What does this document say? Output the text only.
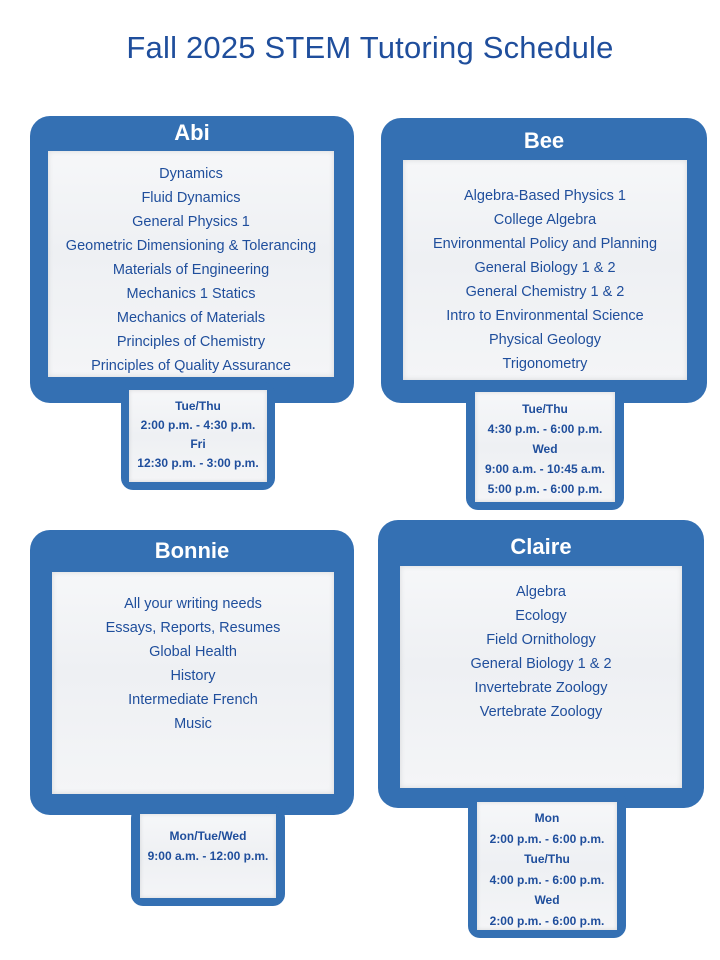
Fall 2025 STEM Tutoring Schedule
Abi
Dynamics
Fluid Dynamics
General Physics 1
Geometric Dimensioning & Tolerancing
Materials of Engineering
Mechanics 1 Statics
Mechanics of Materials
Principles of Chemistry
Principles of Quality Assurance
Tue/Thu
2:00 p.m. - 4:30 p.m.
Fri
12:30 p.m. - 3:00 p.m.
Bee
Algebra-Based Physics 1
College Algebra
Environmental Policy and Planning
General Biology 1 & 2
General Chemistry 1 & 2
Intro to Environmental Science
Physical Geology
Trigonometry
Tue/Thu
4:30 p.m. - 6:00 p.m.
Wed
9:00 a.m. - 10:45 a.m.
5:00 p.m. - 6:00 p.m.
Bonnie
All your writing needs
Essays, Reports, Resumes
Global Health
History
Intermediate French
Music
Mon/Tue/Wed
9:00 a.m. - 12:00 p.m.
Claire
Algebra
Ecology
Field Ornithology
General Biology 1 & 2
Invertebrate Zoology
Vertebrate Zoology
Mon
2:00 p.m. - 6:00 p.m.
Tue/Thu
4:00 p.m. - 6:00 p.m.
Wed
2:00 p.m. - 6:00 p.m.
